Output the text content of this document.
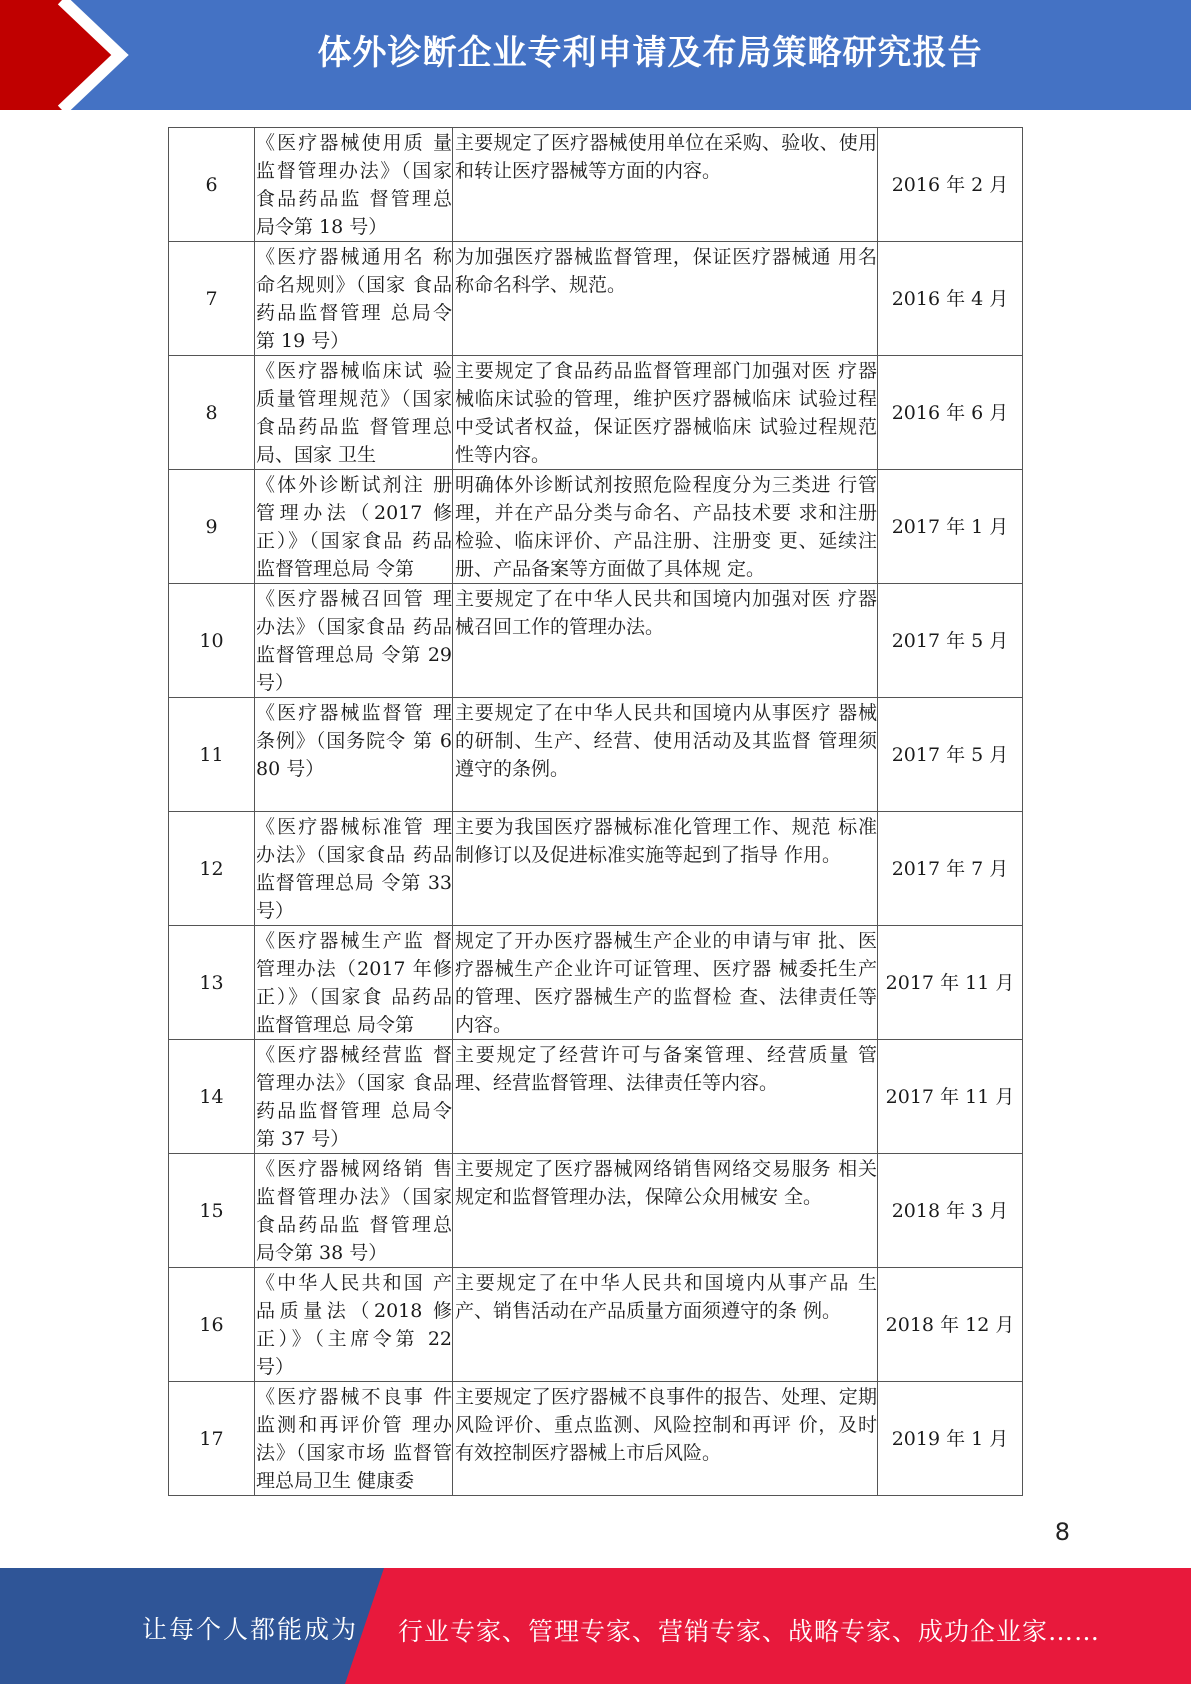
体外诊断企业专利申请及布局策略研究报告
6	《医疗器械使用质 量监督管理办法》（国家食品药品监 督管理总局令第 18 号）	主要规定了医疗器械使用单位在采购、验收、使用和转让医疗器械等方面的内容。	2016 年 2 月
7	《医疗器械通用名 称命名规则》（国家 食品药品监督管理 总局令第 19 号）	为加强医疗器械监督管理，保证医疗器械通 用名称命名科学、规范。	2016 年 4 月
8	《医疗器械临床试 验质量管理规范》（国家食品药品监 督管理总局、国家 卫生	主要规定了食品药品监督管理部门加强对医 疗器械临床试验的管理，维护医疗器械临床 试验过程中受试者权益，保证医疗器械临床 试验过程规范性等内容。	2016 年 6 月
9	《体外诊断试剂注 册管理办法（2017 修正）》（国家食品 药品监督管理总局 令第	明确体外诊断试剂按照危险程度分为三类进 行管理，并在产品分类与命名、产品技术要 求和注册检验、临床评价、产品注册、注册变 更、延续注册、产品备案等方面做了具体规 定。	2017 年 1 月
10	《医疗器械召回管 理办法》（国家食品 药品监督管理总局 令第 29 号）	主要规定了在中华人民共和国境内加强对医 疗器械召回工作的管理办法。	2017 年 5 月
11	《医疗器械监督管 理条例》（国务院令 第 680 号）	主要规定了在中华人民共和国境内从事医疗 器械的研制、生产、经营、使用活动及其监督 管理须遵守的条例。	2017 年 5 月
12	《医疗器械标准管 理办法》（国家食品 药品监督管理总局 令第 33 号）	主要为我国医疗器械标准化管理工作、规范 标准制修订以及促进标准实施等起到了指导 作用。	2017 年 7 月
13	《医疗器械生产监 督管理办法（2017 年修正）》（国家食 品药品监督管理总 局令第	规定了开办医疗器械生产企业的申请与审 批、医疗器械生产企业许可证管理、医疗器 械委托生产的管理、医疗器械生产的监督检 查、法律责任等内容。	2017 年 11 月
14	《医疗器械经营监 督管理办法》（国家 食品药品监督管理 总局令第 37 号）	主要规定了经营许可与备案管理、经营质量 管理、经营监督管理、法律责任等内容。	2017 年 11 月
15	《医疗器械网络销 售监督管理办法》（国家食品药品监 督管理总局令第 38 号）	主要规定了医疗器械网络销售网络交易服务 相关规定和监督管理办法，保障公众用械安 全。	2018 年 3 月
16	《中华人民共和国 产品质量法（2018 修正）》（主席令第 22 号）	主要规定了在中华人民共和国境内从事产品 生产、销售活动在产品质量方面须遵守的条 例。	2018 年 12 月
17	《医疗器械不良事 件监测和再评价管 理办法》（国家市场 监督管理总局卫生 健康委	主要规定了医疗器械不良事件的报告、处理、定期风险评价、重点监测、风险控制和再评 价，及时有效控制医疗器械上市后风险。	2019 年 1 月
8
让每个人都能成为 行业专家、管理专家、营销专家、战略专家、成功企业家……
